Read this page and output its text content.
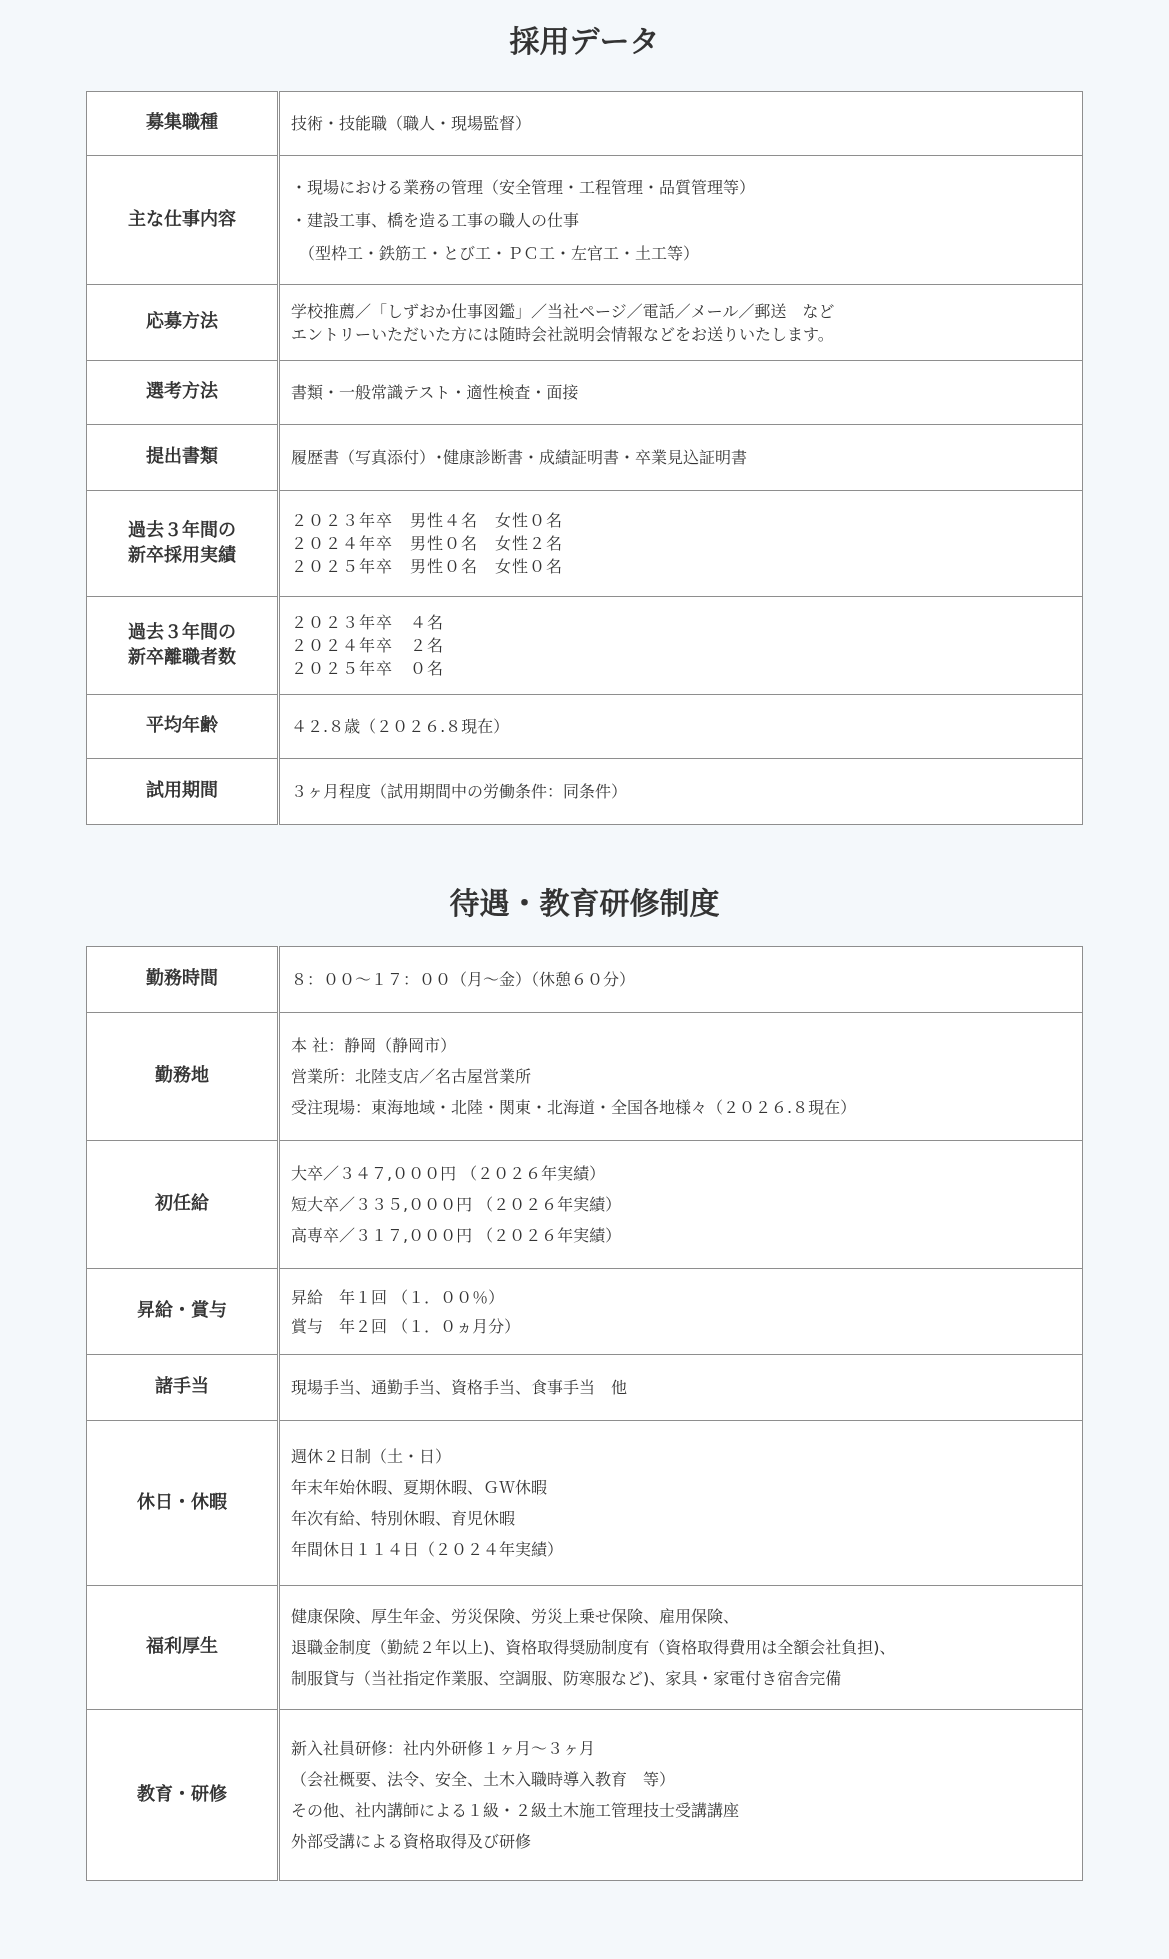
採用データ
募集職種	技術・技能職（職人・現場監督）

主な仕事内容	・現場における業務の管理（安全管理・工程管理・品質管理等）
・建設工事、橋を造る工事の職人の仕事
　（型枠工・鉄筋工・とび工・ＰＣ工・左官工・土工等）

応募方法	学校推薦／「しずおか仕事図鑑」／当社ページ／電話／メール／郵送　など
エントリーいただいた方には随時会社説明会情報などをお送りいたします。

選考方法	書類・一般常識テスト・適性検査・面接

提出書類	履歴書（写真添付）･健康診断書・成績証明書・卒業見込証明書

過去３年間の
新卒採用実績	２０２３年卒　男性４名　女性０名
２０２４年卒　男性０名　女性２名
２０２５年卒　男性０名　女性０名

過去３年間の
新卒離職者数	２０２３年卒　４名
２０２４年卒　２名
２０２５年卒　０名

平均年齢	４２.８歳（２０２６.８現在）

試用期間	３ヶ月程度（試用期間中の労働条件：同条件）
待遇・教育研修制度
勤務時間	８：００～１７：００（月～金）（休憩６０分）

勤務地	本 社：静岡（静岡市）
営業所：北陸支店／名古屋営業所
受注現場：東海地域・北陸・関東・北海道・全国各地様々（２０２６.８現在）

初任給	大卒／３４７,０００円 （２０２６年実績）
短大卒／３３５,０００円 （２０２６年実績）
高専卒／３１７,０００円 （２０２６年実績）

昇給・賞与	昇給　年１回 （１．００％）
賞与　年２回 （１．０ヵ月分）

諸手当	現場手当、通勤手当、資格手当、食事手当　他

休日・休暇	週休２日制（土・日）
年末年始休暇、夏期休暇、ＧＷ休暇
年次有給、特別休暇、育児休暇
年間休日１１４日（２０２４年実績）

福利厚生	健康保険、厚生年金、労災保険、労災上乗せ保険、雇用保険、
退職金制度（勤続２年以上)、資格取得奨励制度有（資格取得費用は全額会社負担)、
制服貸与（当社指定作業服、空調服、防寒服など)、家具・家電付き宿舎完備

教育・研修	新入社員研修：社内外研修１ヶ月～３ヶ月
（会社概要、法令、安全、土木入職時導入教育　等）
その他、社内講師による１級・２級土木施工管理技士受講講座
外部受講による資格取得及び研修
